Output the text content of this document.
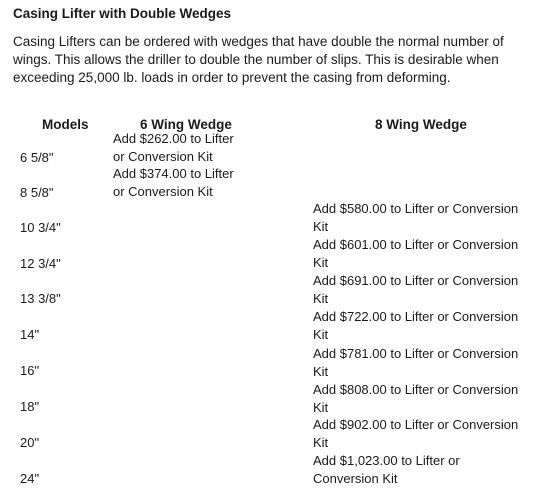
Casing Lifter with Double Wedges
Casing Lifters can be ordered with wedges that have double the normal number of wings. This allows the driller to double the number of slips. This is desirable when exceeding 25,000 lb. loads in order to prevent the casing from deforming.
Models	6 Wing Wedge	8 Wing Wedge
6 5/8"
8 5/8"
10 3/4"
12 3/4"
13 3/8"
14"
16"
18"
20"
24"
Add $262.00 to Lifter
or Conversion Kit
Add $374.00 to Lifter
or Conversion Kit
Add $580.00 to Lifter or Conversion
Kit
Add $601.00 to Lifter or Conversion
Kit
Add $691.00 to Lifter or Conversion
Kit
Add $722.00 to Lifter or Conversion
Kit
Add $781.00 to Lifter or Conversion
Kit
Add $808.00 to Lifter or Conversion
Kit
Add $902.00 to Lifter or Conversion
Kit
Add $1,023.00 to Lifter or
Conversion Kit
